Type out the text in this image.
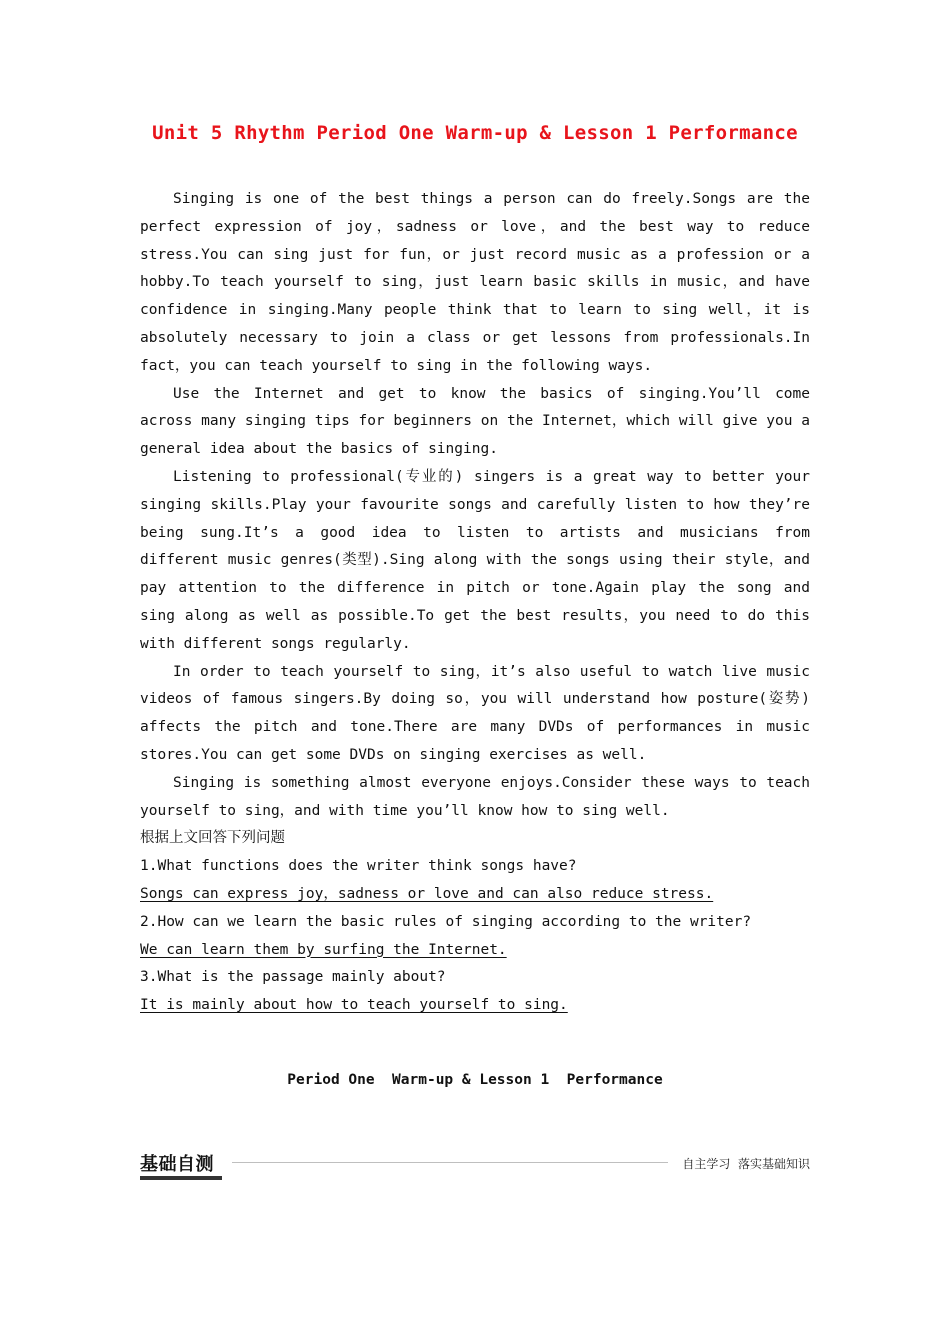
Unit 5 Rhythm Period One Warm-up & Lesson 1 Performance

Singing is one of the best things a person can do freely.Songs are the perfect expression of joy，sadness or love，and the best way to reduce stress.You can sing just for fun，or just record music as a profession or a hobby.To teach yourself to sing，just learn basic skills in music，and have confidence in singing.Many people think that to learn to sing well，it is absolutely necessary to join a class or get lessons from professionals.In fact，you can teach yourself to sing in the following ways.

Use the Internet and get to know the basics of singing.You’ll come across many singing tips for beginners on the Internet，which will give you a general idea about the basics of singing.

Listening to professional(专业的) singers is a great way to better your singing skills.Play your favourite songs and carefully listen to how they’re being sung.It’s a good idea to listen to artists and musicians from different music genres(类型).Sing along with the songs using their style，and pay attention to the difference in pitch or tone.Again play the song and sing along as well as possible.To get the best results，you need to do this with different songs regularly.

In order to teach yourself to sing，it’s also useful to watch live music videos of famous singers.By doing so，you will understand how posture(姿势) affects the pitch and tone.There are many DVDs of performances in music stores.You can get some DVDs on singing exercises as well.

Singing is something almost everyone enjoys.Consider these ways to teach yourself to sing，and with time you’ll know how to sing well.

根据上文回答下列问题

1.What functions does the writer think songs have?

Songs can express joy，sadness or love and can also reduce stress.

2.How can we learn the basic rules of singing according to the writer?

We can learn them by surfing the Internet.

3.What is the passage mainly about?

It is mainly about how to teach yourself to sing.

Period One  Warm-up & Lesson 1  Performance

基础自测	自主学习  落实基础知识
